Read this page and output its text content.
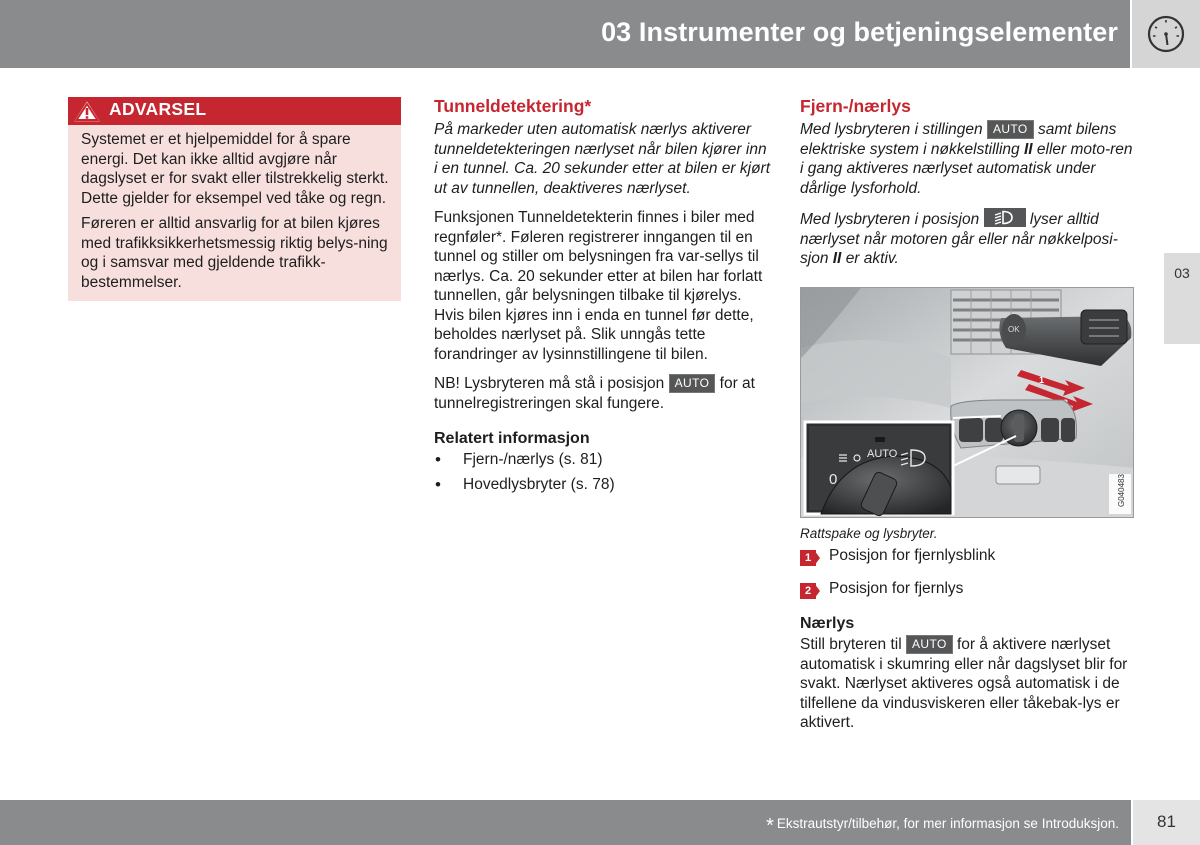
03 Instrumenter og betjeningselementer
03
ADVARSEL

Systemet er et hjelpemiddel for å spare energi. Det kan ikke alltid avgjøre når dagslyset er for svakt eller tilstrekkelig sterkt. Dette gjelder for eksempel ved tåke og regn.

Føreren er alltid ansvarlig for at bilen kjøres med trafikksikkerhetsmessig riktig belys-ning og i samsvar med gjeldende trafikk-bestemmelser.

Tunneldetektering*

På markeder uten automatisk nærlys aktiverer tunneldetekteringen nærlyset når bilen kjører inn i en tunnel. Ca. 20 sekunder etter at bilen er kjørt ut av tunnellen, deaktiveres nærlyset.

Funksjonen Tunneldetekterin finnes i biler med regnføler*. Føleren registrerer inngangen til en tunnel og stiller om belysningen fra var-sellys til nærlys. Ca. 20 sekunder etter at bilen har forlatt tunnellen, går belysningen tilbake til kjørelys. Hvis bilen kjøres inn i enda en tunnel før dette, beholdes nærlyset på. Slik unngås tette forandringer av lysinnstillingene til bilen.

NB! Lysbryteren må stå i posisjon AUTO for at tunnelregistreringen skal fungere.

Relatert informasjon
• Fjern-/nærlys (s. 81)
• Hovedlysbryter (s. 78)
Fjern-/nærlys

Med lysbryteren i stillingen AUTO samt bilens elektriske system i nøkkelstilling II eller moto-ren i gang aktiveres nærlyset automatisk under dårlige lysforhold.

Med lysbryteren i posisjon	lyser alltid nærlyset når motoren går eller når nøkkelposi-sjon II er aktiv.

OK
1
AUTO
0	G040483
Rattspake og lysbryter.
1	Posisjon for fjernlysblink
2	Posisjon for fjernlys
Nærlys

Still bryteren til AUTO for å aktivere nærlyset automatisk i skumring eller når dagslyset blir for svakt. Nærlyset aktiveres også automatisk i de tilfellene da vindusviskeren eller tåkebak-lys er aktivert.

* Ekstrautstyr/tilbehør, for mer informasjon se Introduksjon.	81
